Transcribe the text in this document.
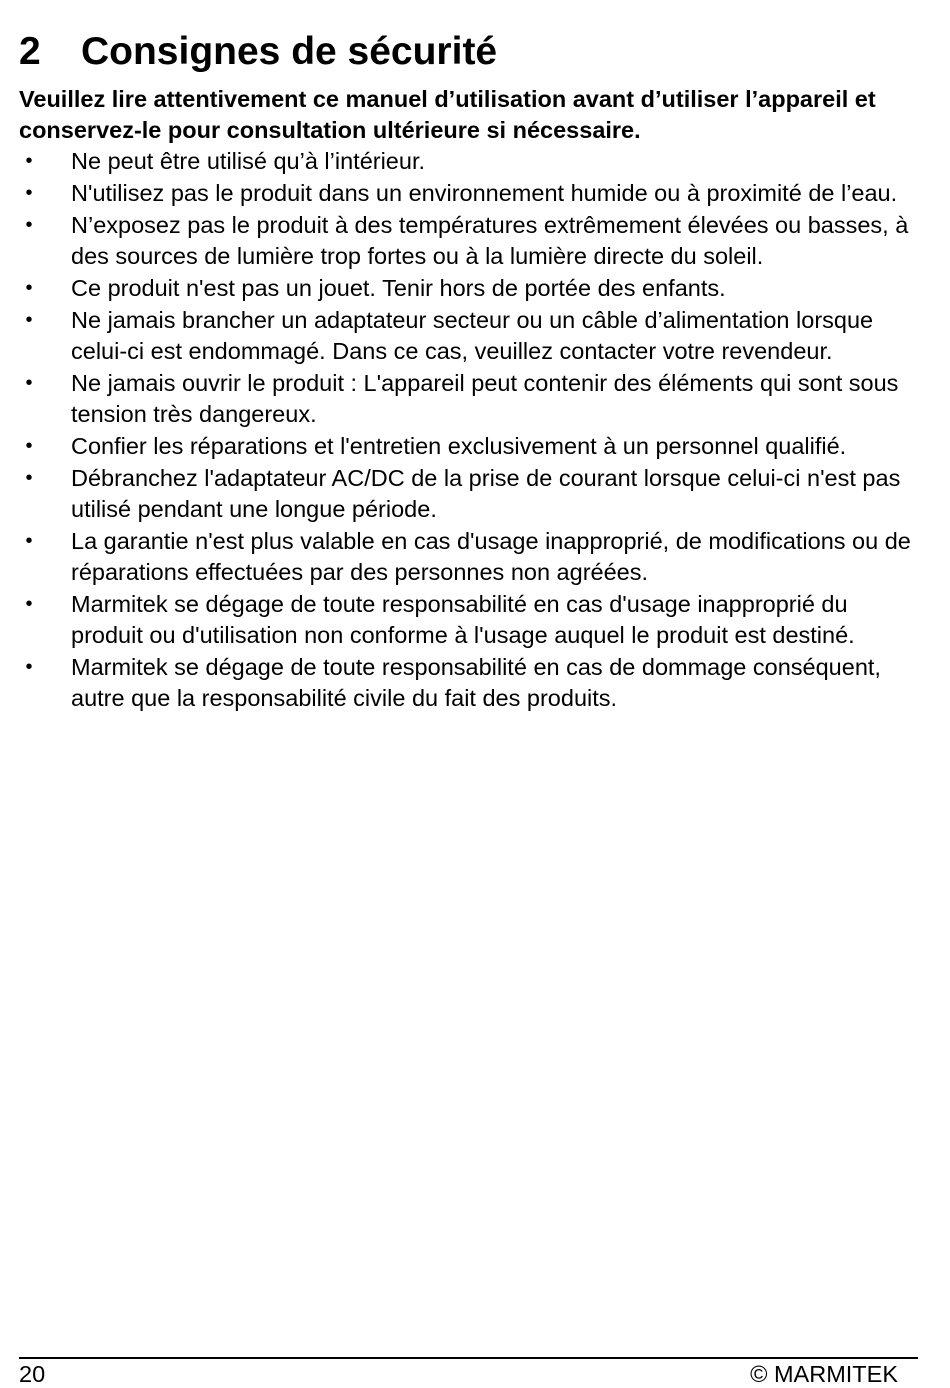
2 Consignes de sécurité

Veuillez lire attentivement ce manuel d’utilisation avant d’utiliser l’appareil et conservez-le pour consultation ultérieure si nécessaire.

• Ne peut être utilisé qu’à l’intérieur.
• N'utilisez pas le produit dans un environnement humide ou à proximité de l’eau.
• N’exposez pas le produit à des températures extrêmement élevées ou basses, à des sources de lumière trop fortes ou à la lumière directe du soleil.
• Ce produit n'est pas un jouet. Tenir hors de portée des enfants.
• Ne jamais brancher un adaptateur secteur ou un câble d’alimentation lorsque celui-ci est endommagé. Dans ce cas, veuillez contacter votre revendeur.
• Ne jamais ouvrir le produit : L'appareil peut contenir des éléments qui sont sous tension très dangereux.
• Confier les réparations et l'entretien exclusivement à un personnel qualifié.
• Débranchez l'adaptateur AC/DC de la prise de courant lorsque celui-ci n'est pas utilisé pendant une longue période.
• La garantie n'est plus valable en cas d'usage inapproprié, de modifications ou de réparations effectuées par des personnes non agréées.
• Marmitek se dégage de toute responsabilité en cas d'usage inapproprié du produit ou d'utilisation non conforme à l'usage auquel le produit est destiné.
• Marmitek se dégage de toute responsabilité en cas de dommage conséquent, autre que la responsabilité civile du fait des produits.
20	© MARMITEK
